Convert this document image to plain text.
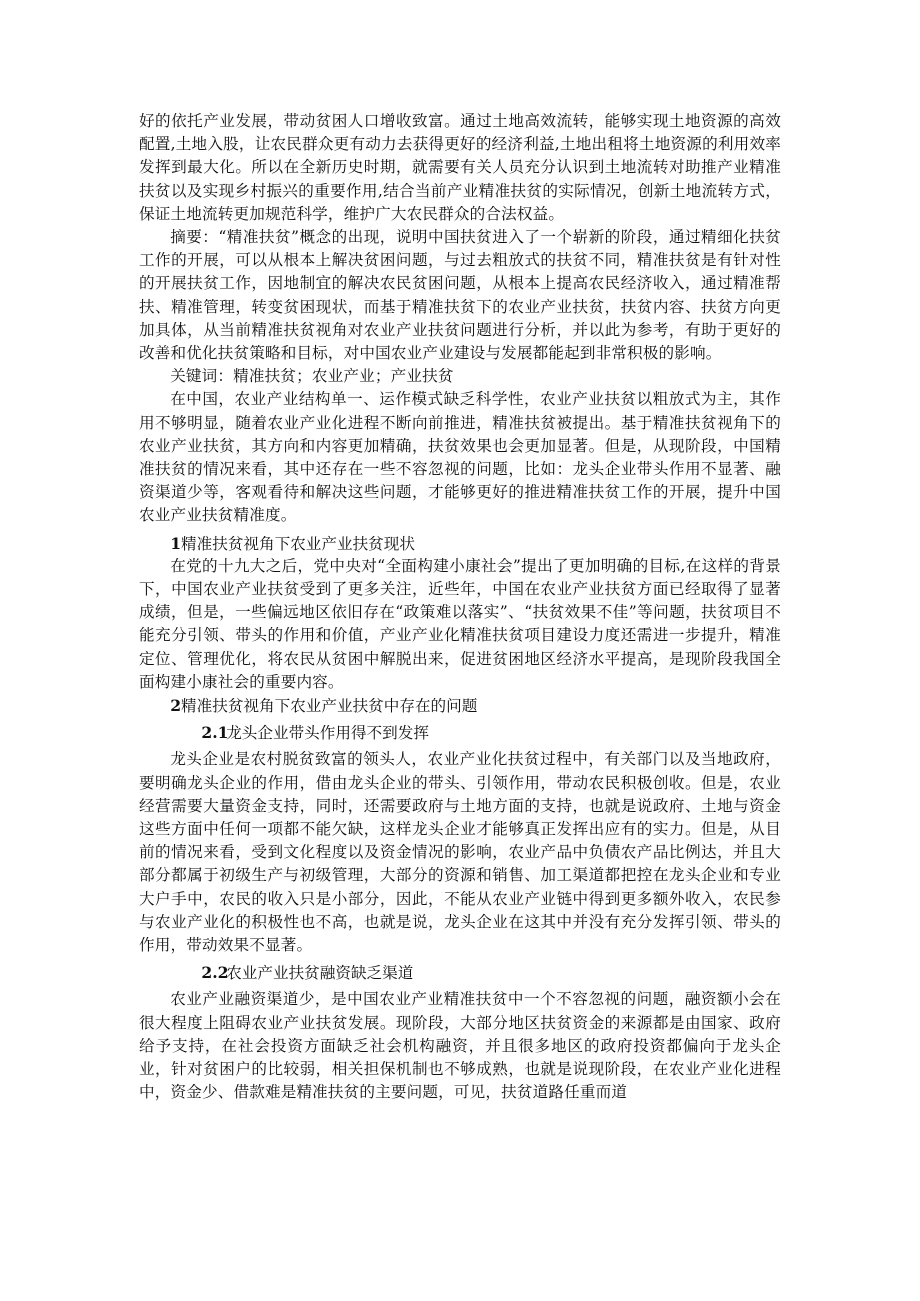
好的依托产业发展，带动贫困人口增收致富。通过土地高效流转，能够实现土地资源的高效配置,土地入股，让农民群众更有动力去获得更好的经济利益,土地出租将土地资源的利用效率发挥到最大化。所以在全新历史时期，就需要有关人员充分认识到土地流转对助推产业精准扶贫以及实现乡村振兴的重要作用,结合当前产业精准扶贫的实际情况，创新土地流转方式，保证土地流转更加规范科学，维护广大农民群众的合法权益。

摘要：“精准扶贫”概念的出现，说明中国扶贫进入了一个崭新的阶段，通过精细化扶贫工作的开展，可以从根本上解决贫困问题，与过去粗放式的扶贫不同，精准扶贫是有针对性的开展扶贫工作，因地制宜的解决农民贫困问题，从根本上提高农民经济收入，通过精准帮扶、精准管理，转变贫困现状，而基于精准扶贫下的农业产业扶贫，扶贫内容、扶贫方向更加具体，从当前精准扶贫视角对农业产业扶贫问题进行分析，并以此为参考，有助于更好的改善和优化扶贫策略和目标，对中国农业产业建设与发展都能起到非常积极的影响。

关键词：精准扶贫；农业产业；产业扶贫

在中国，农业产业结构单一、运作模式缺乏科学性，农业产业扶贫以粗放式为主，其作用不够明显，随着农业产业化进程不断向前推进，精准扶贫被提出。基于精准扶贫视角下的农业产业扶贫，其方向和内容更加精确，扶贫效果也会更加显著。但是，从现阶段，中国精准扶贫的情况来看，其中还存在一些不容忽视的问题，比如：龙头企业带头作用不显著、融资渠道少等，客观看待和解决这些问题，才能够更好的推进精准扶贫工作的开展，提升中国农业产业扶贫精准度。

1精准扶贫视角下农业产业扶贫现状

在党的十九大之后，党中央对“全面构建小康社会”提出了更加明确的目标,在这样的背景下，中国农业产业扶贫受到了更多关注，近些年，中国在农业产业扶贫方面已经取得了显著成绩，但是，一些偏远地区依旧存在“政策难以落实”、“扶贫效果不佳”等问题，扶贫项目不能充分引领、带头的作用和价值，产业产业化精准扶贫项目建设力度还需进一步提升，精准定位、管理优化，将农民从贫困中解脱出来，促进贫困地区经济水平提高，是现阶段我国全面构建小康社会的重要内容。

2精准扶贫视角下农业产业扶贫中存在的问题
2.1龙头企业带头作用得不到发挥

龙头企业是农村脱贫致富的领头人，农业产业化扶贫过程中，有关部门以及当地政府，要明确龙头企业的作用，借由龙头企业的带头、引领作用，带动农民积极创收。但是，农业经营需要大量资金支持，同时，还需要政府与土地方面的支持，也就是说政府、土地与资金这些方面中任何一项都不能欠缺，这样龙头企业才能够真正发挥出应有的实力。但是，从目前的情况来看，受到文化程度以及资金情况的影响，农业产品中负债农产品比例达，并且大部分都属于初级生产与初级管理，大部分的资源和销售、加工渠道都把控在龙头企业和专业大户手中，农民的收入只是小部分，因此，不能从农业产业链中得到更多额外收入，农民参与农业产业化的积极性也不高，也就是说，龙头企业在这其中并没有充分发挥引领、带头的作用，带动效果不显著。

2.2农业产业扶贫融资缺乏渠道

农业产业融资渠道少，是中国农业产业精准扶贫中一个不容忽视的问题，融资额小会在很大程度上阻碍农业产业扶贫发展。现阶段，大部分地区扶贫资金的来源都是由国家、政府给予支持，在社会投资方面缺乏社会机构融资，并且很多地区的政府投资都偏向于龙头企业，针对贫困户的比较弱，相关担保机制也不够成熟，也就是说现阶段，在农业产业化进程中，资金少、借款难是精准扶贫的主要问题，可见，扶贫道路任重而道
